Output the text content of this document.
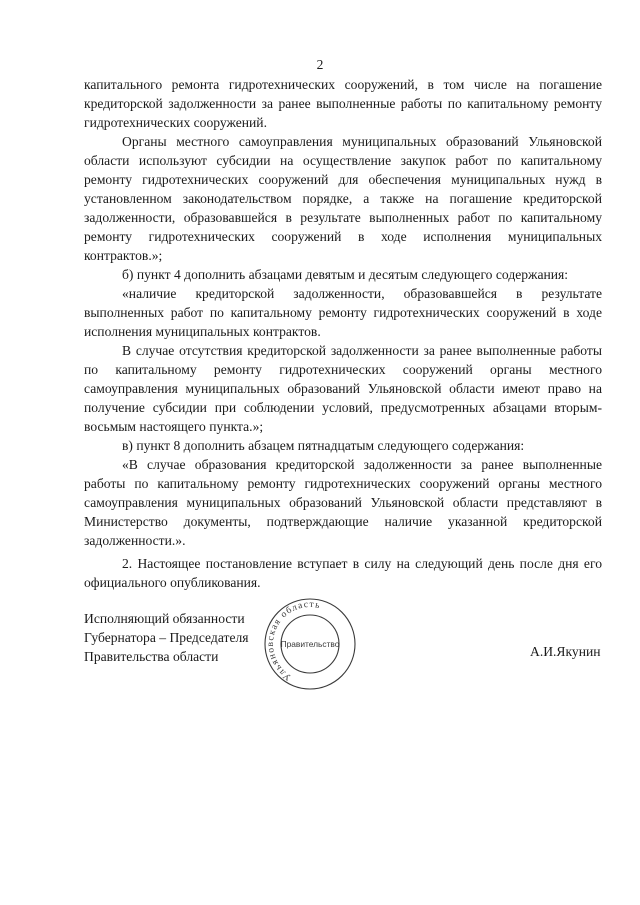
2

капитального ремонта гидротехнических сооружений, в том числе на погашение кредиторской задолженности за ранее выполненные работы по капитальному ремонту гидротехнических сооружений.

Органы местного самоуправления муниципальных образований Ульяновской области используют субсидии на осуществление закупок работ по капитальному ремонту гидротехнических сооружений для обеспечения муниципальных нужд в установленном законодательством порядке, а также на погашение кредиторской задолженности, образовавшейся в результате выполненных работ по капитальному ремонту гидротехнических сооружений в ходе исполнения муниципальных контрактов.»;

б) пункт 4 дополнить абзацами девятым и десятым следующего содержания:

«наличие кредиторской задолженности, образовавшейся в результате выполненных работ по капитальному ремонту гидротехнических сооружений в ходе исполнения муниципальных контрактов.

В случае отсутствия кредиторской задолженности за ранее выполненные работы по капитальному ремонту гидротехнических сооружений органы местного самоуправления муниципальных образований Ульяновской области имеют право на получение субсидии при соблюдении условий, предусмотренных абзацами вторым-восьмым настоящего пункта.»;

в) пункт 8 дополнить абзацем пятнадцатым следующего содержания:

«В случае образования кредиторской задолженности за ранее выполненные работы по капитальному ремонту гидротехнических сооружений органы местного самоуправления муниципальных образований Ульяновской области представляют в Министерство документы, подтверждающие наличие указанной кредиторской задолженности.».

2. Настоящее постановление вступает в силу на следующий день после дня его официального опубликования.

Исполняющий обязанности
Губернатора – Председателя
Правительства области	А.И.Якунин
Ульяновская область
Правительство
